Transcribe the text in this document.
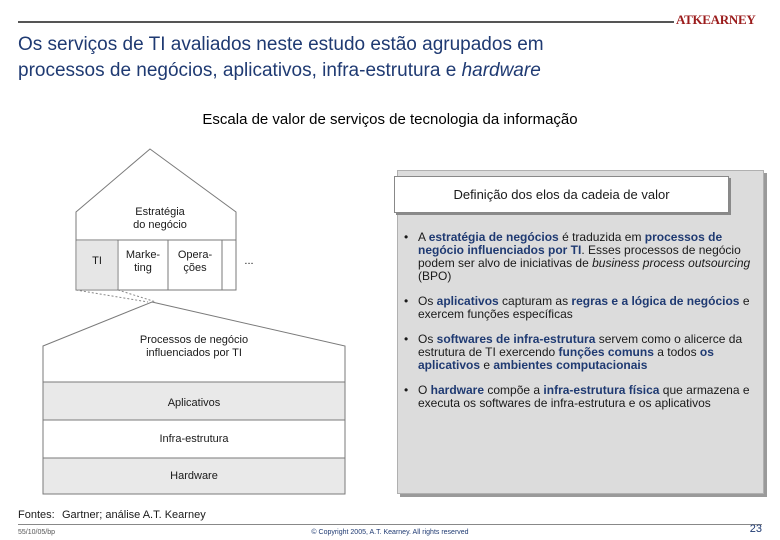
ATKEARNEY
Os serviços de TI avaliados neste estudo estão agrupados em
processos de negócios, aplicativos, infra-estrutura e hardware
Escala de valor de serviços de tecnologia da informação
Estratégia
do negócio
TI	Marke-
ting
Opera-
ções
...
Processos de negócio
influenciados por TI
Aplicativos
Infra-estrutura
Hardware
Definição dos elos da cadeia de valor
• A estratégia de negócios é traduzida em processos de negócio influenciados por TI. Esses processos de negócio podem ser alvo de iniciativas de business process outsourcing (BPO)
• Os aplicativos capturam as regras e a lógica de negócios e exercem funções específicas
• Os softwares de infra-estrutura servem como o alicerce da estrutura de TI exercendo funções comuns a todos os aplicativos e ambientes computacionais
• O hardware compõe a infra-estrutura física que armazena e executa os softwares de infra-estrutura e os aplicativos
Fontes: Gartner; análise A.T. Kearney
55/10/05/bp	© Copyright 2005, A.T. Kearney. All rights reserved	23
